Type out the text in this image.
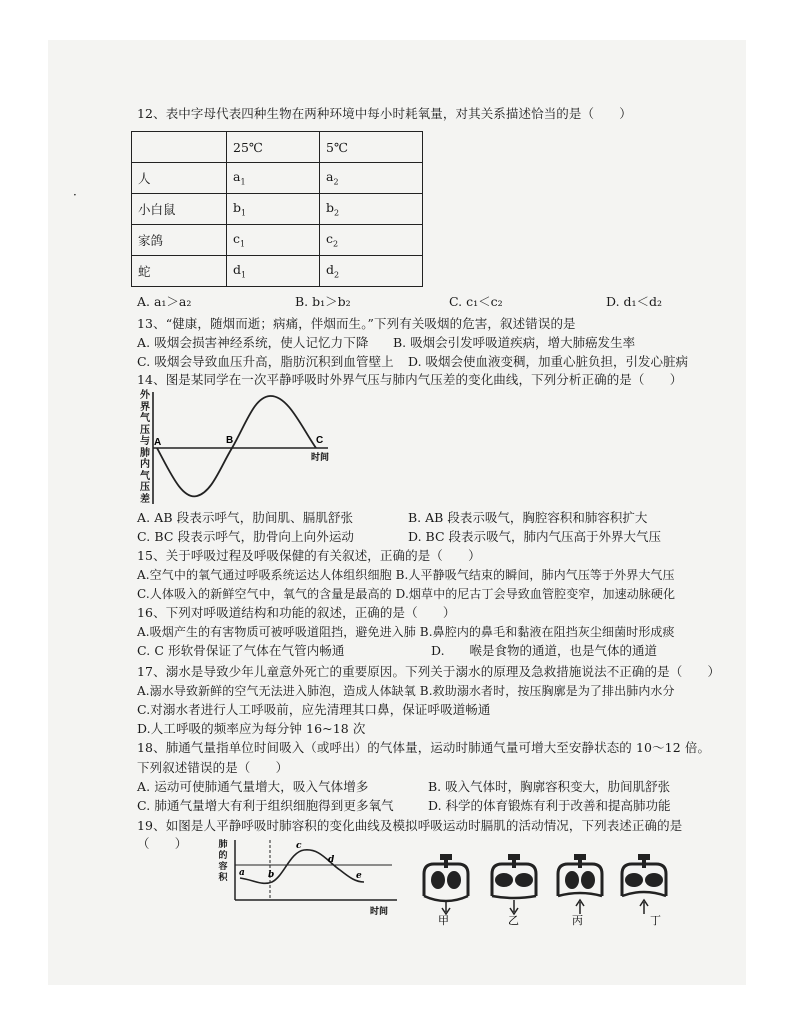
·
12、表中字母代表四种生物在两种环境中每小时耗氧量，对其关系描述恰当的是（　　）
	25℃	5℃
人	$a_1$	$a_2$
小白鼠	$b_1$	$b_2$
家鸽	$c_1$	$c_2$
蛇	$d_1$	$d_2$
A. a₁＞a₂	B. b₁＞b₂	C. c₁＜c₂	D. d₁＜d₂
13、“健康，随烟而逝；病痛，伴烟而生。”下列有关吸烟的危害，叙述错误的是
A. 吸烟会损害神经系统，使人记忆力下降 B. 吸烟会引发呼吸道疾病，增大肺癌发生率
C. 吸烟会导致血压升高，脂肪沉积到血管壁上 D. 吸烟会使血液变稠，加重心脏负担，引发心脏病
14、图是某同学在一次平静呼吸时外界气压与肺内气压差的变化曲线，下列分析正确的是（　　）
外界气压与肺内气压差
A	B	C
时间
A. AB 段表示呼气，肋间肌、膈肌舒张	B. AB 段表示吸气，胸腔容积和肺容积扩大
C. BC 段表示呼气，肋骨向上向外运动	D. BC 段表示吸气，肺内气压高于外界大气压
15、关于呼吸过程及呼吸保健的有关叙述，正确的是（　　）
A.空气中的氧气通过呼吸系统运达人体组织细胞 B.人平静吸气结束的瞬间，肺内气压等于外界大气压
C.人体吸入的新鲜空气中，氧气的含量是最高的 D.烟草中的尼古丁会导致血管腔变窄，加速动脉硬化
16、下列对呼吸道结构和功能的叙述，正确的是（　　）
A.吸烟产生的有害物质可被呼吸道阻挡，避免进入肺 B.鼻腔内的鼻毛和黏液在阻挡灰尘细菌时形成痰
C. C 形软骨保证了气体在气管内畅通	D.　　喉是食物的通道，也是气体的通道
17、溺水是导致少年儿童意外死亡的重要原因。下列关于溺水的原理及急救措施说法不正确的是（　　）
A.溺水导致新鲜的空气无法进入肺泡，造成人体缺氧 B.救助溺水者时，按压胸廓是为了排出肺内水分
C.对溺水者进行人工呼吸前，应先清理其口鼻，保证呼吸道畅通
D.人工呼吸的频率应为每分钟 16~18 次
18、肺通气量指单位时间吸入（或呼出）的气体量，运动时肺通气量可增大至安静状态的 10～12 倍。
下列叙述错误的是（　　）
A. 运动可使肺通气量增大，吸入气体增多	B. 吸入气体时，胸廓容积变大，肋间肌舒张
C. 肺通气量增大有利于组织细胞得到更多氧气	D. 科学的体育锻炼有利于改善和提高肺功能
19、如图是人平静呼吸时肺容积的变化曲线及模拟呼吸运动时膈肌的活动情况，下列表述正确的是
（　　）	肺的容积 a	b
c
d
e
时间
甲	乙	丙	丁
